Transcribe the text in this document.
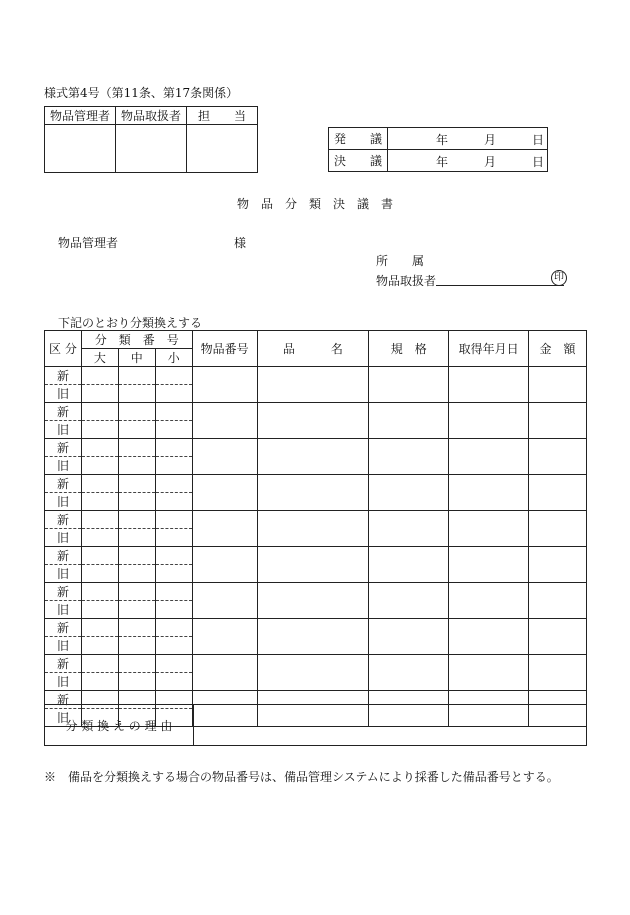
様式第4号（第11条、第17条関係）
物品管理者	物品取扱者	担　　当

発　　議	年 月 日

決　　議	年 月 日
物　品　分　類　決　議　書
物品管理者	様
所　　属
物品取扱者	印
下記のとおり分類換えする
区 分	分　類　番　号			物品番号	品　　　名	規　格	取得年月日	金　額
	大	中	小					
新								
旧								
新								
旧								
新								
旧								
新								
旧								
新								
旧								
新								
旧								
新								
旧								
新								
旧								
新								
旧								
新								
旧								
分 類 換 え の 理 由	
※　備品を分類換えする場合の物品番号は、備品管理システムにより採番した備品番号とする。
